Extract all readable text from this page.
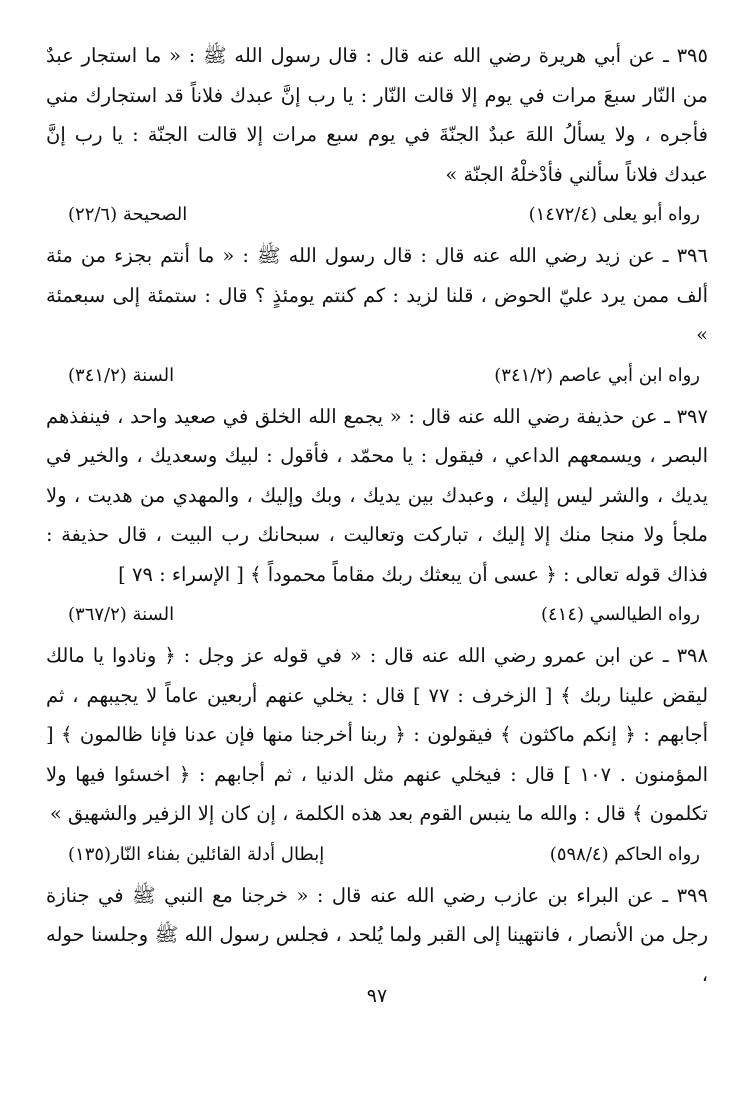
٣٩٥ ـ عن أبي هريرة رضي الله عنه قال : قال رسول الله ﷺ : « ما استجار عبدٌ من النّار سبعَ مرات في يوم إلا قالت النّار : يا رب إنَّ عبدك فلاناً قد استجارك مني فأجره ، ولا يسألُ اللهَ عبدٌ الجنّةَ في يوم سبع مرات إلا قالت الجنّة : يا رب إنَّ عبدك فلاناً سألني فأدْخلْهُ الجنّة »

رواه أبو يعلى (١٤٧٢/٤)
الصحيحة (٢٢/٦)

٣٩٦ ـ عن زيد رضي الله عنه قال : قال رسول الله ﷺ : « ما أنتم بجزء من مئة ألف ممن يرد عليّ الحوض ، قلنا لزيد : كم كنتم يومئذٍ ؟ قال : ستمئة إلى سبعمئة »

رواه ابن أبي عاصم (٣٤١/٢)
السنة (٣٤١/٢)

٣٩٧ ـ عن حذيفة رضي الله عنه قال : « يجمع الله الخلق في صعيد واحد ، فينفذهم البصر ، ويسمعهم الداعي ، فيقول : يا محمّد ، فأقول : لبيك وسعديك ، والخير في يديك ، والشر ليس إليك ، وعبدك بين يديك ، وبك وإليك ، والمهدي من هديت ، ولا ملجأ ولا منجا منك إلا إليك ، تباركت وتعاليت ، سبحانك رب البيت ، قال حذيفة : فذاك قوله تعالى : ﴿ عسى أن يبعثك ربك مقاماً محموداً ﴾ [ الإسراء : ٧٩ ]

رواه الطيالسي (٤١٤)
السنة (٣٦٧/٢)

٣٩٨ ـ عن ابن عمرو رضي الله عنه قال : « في قوله عز وجل : ﴿ ونادوا يا مالك ليقض علينا ربك ﴾ [ الزخرف : ٧٧ ] قال : يخلي عنهم أربعين عاماً لا يجيبهم ، ثم أجابهم : ﴿ إنكم ماكثون ﴾ فيقولون : ﴿ ربنا أخرجنا منها فإن عدنا فإنا ظالمون ﴾ [ المؤمنون . ١٠٧ ] قال : فيخلي عنهم مثل الدنيا ، ثم أجابهم : ﴿ اخسئوا فيها ولا تكلمون ﴾ قال : والله ما ينبس القوم بعد هذه الكلمة ، إن كان إلا الزفير والشهيق »

رواه الحاكم (٥٩٨/٤)
إبطال أدلة القائلين بفناء النّار(١٣٥)

٣٩٩ ـ عن البراء بن عازب رضي الله عنه قال : « خرجنا مع النبي ﷺ في جنازة رجل من الأنصار ، فانتهينا إلى القبر ولما يُلحد ، فجلس رسول الله ﷺ وجلسنا حوله ،

٩٧
